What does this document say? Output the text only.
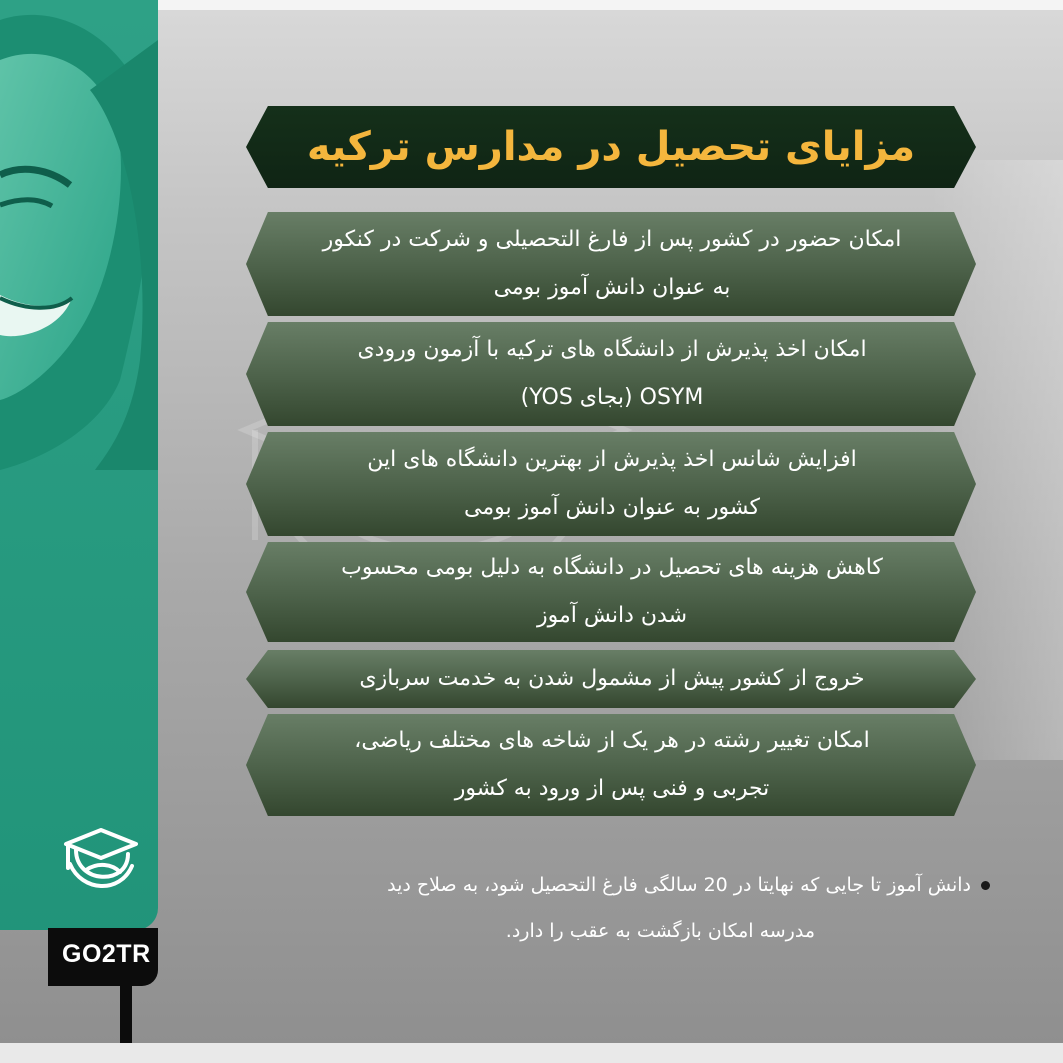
GO2TR
مزایای تحصیل در مدارس ترکیه
امکان حضور در کشور پس از فارغ التحصیلی و شرکت در کنکور
به عنوان دانش آموز بومی
امکان اخذ پذیرش از دانشگاه های ترکیه با آزمون ورودی
OSYM (بجای YOS)
افزایش شانس اخذ پذیرش از بهترین دانشگاه های این
کشور به عنوان دانش آموز بومی
کاهش هزینه های تحصیل در دانشگاه به دلیل بومی محسوب
شدن دانش آموز
خروج از کشور پیش از مشمول شدن به خدمت سربازی
امکان تغییر رشته در هر یک از شاخه های مختلف ریاضی،
تجربی و فنی پس از ورود به کشور
دانش آموز تا جایی که نهایتا در 20 سالگی فارغ التحصیل شود، به صلاح دید
مدرسه امکان بازگشت به عقب را دارد.
